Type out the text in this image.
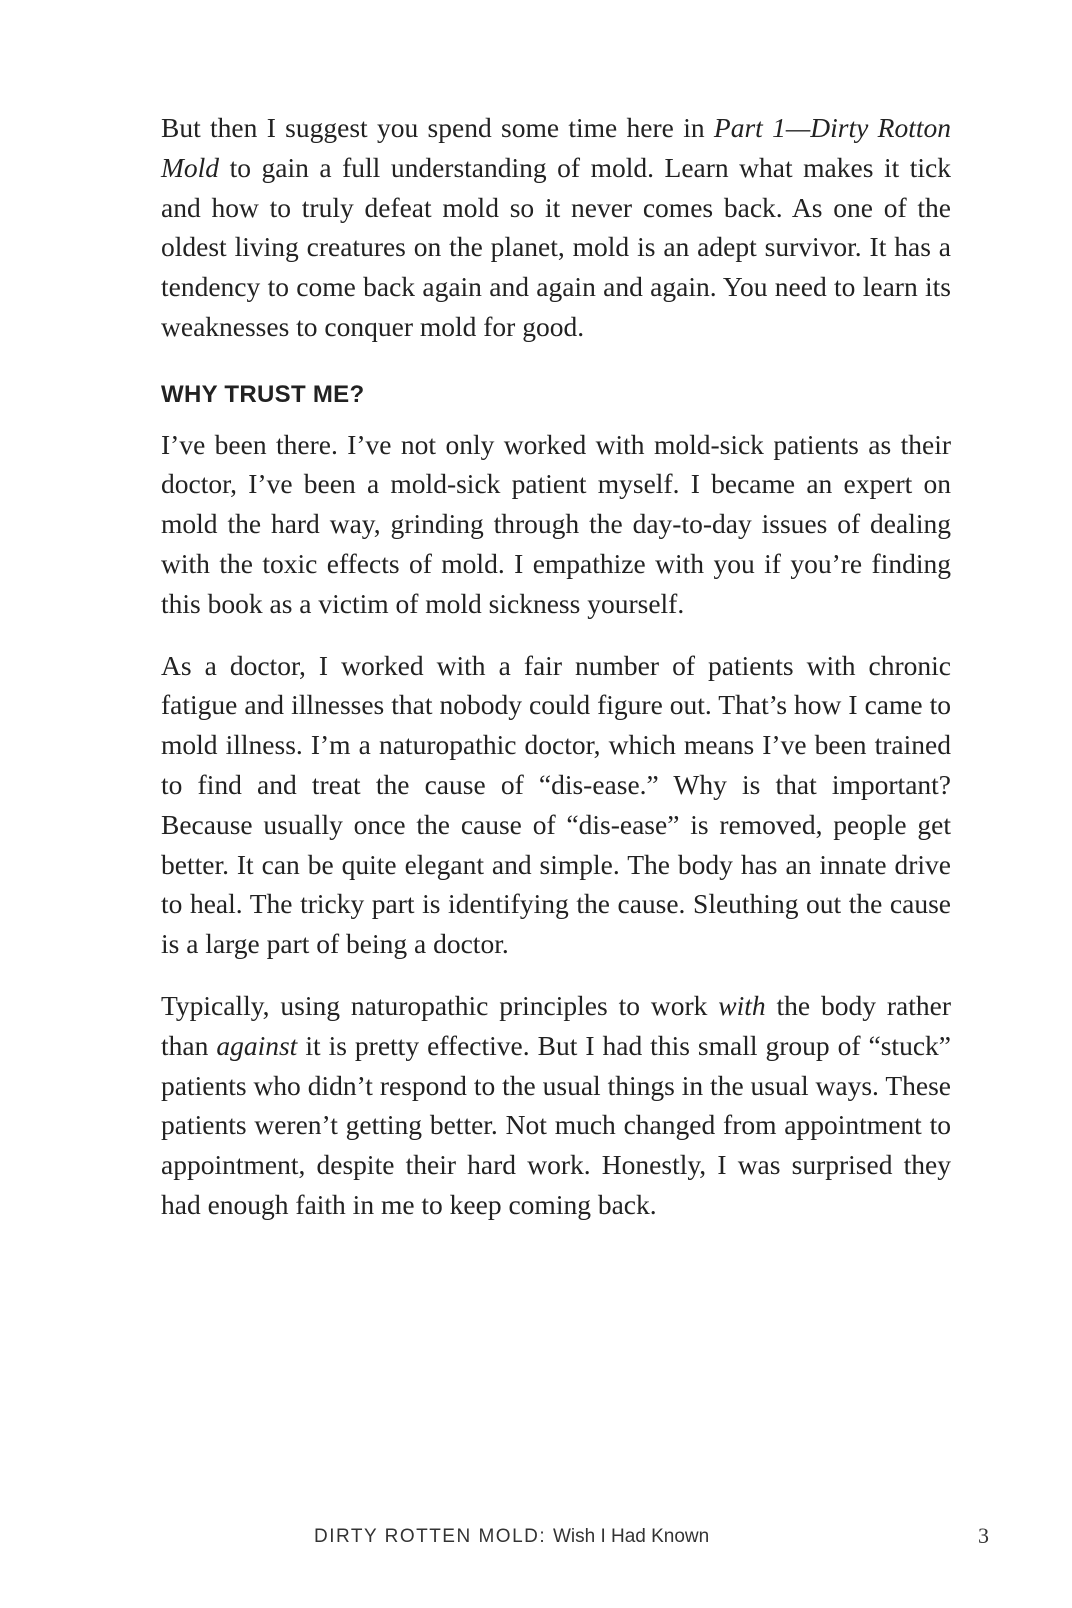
But then I suggest you spend some time here in Part 1—Dirty Rotton Mold to gain a full understanding of mold. Learn what makes it tick and how to truly defeat mold so it never comes back. As one of the oldest living creatures on the planet, mold is an adept survivor. It has a tendency to come back again and again and again. You need to learn its weaknesses to conquer mold for good.

WHY TRUST ME?

I’ve been there. I’ve not only worked with mold-sick patients as their doctor, I’ve been a mold-sick patient myself. I became an expert on mold the hard way, grinding through the day-to-day issues of dealing with the toxic effects of mold. I empathize with you if you’re finding this book as a victim of mold sickness yourself.

As a doctor, I worked with a fair number of patients with chronic fatigue and illnesses that nobody could figure out. That’s how I came to mold illness. I’m a naturopathic doctor, which means I’ve been trained to find and treat the cause of “dis-ease.” Why is that important? Because usually once the cause of “dis-ease” is removed, people get better. It can be quite elegant and simple. The body has an innate drive to heal. The tricky part is identifying the cause. Sleuthing out the cause is a large part of being a doctor.

Typically, using naturopathic principles to work with the body rather than against it is pretty effective. But I had this small group of “stuck” patients who didn’t respond to the usual things in the usual ways. These patients weren’t getting better. Not much changed from appointment to appointment, despite their hard work. Honestly, I was surprised they had enough faith in me to keep coming back.

DIRTY ROTTEN MOLD: Wish I Had Known	3
